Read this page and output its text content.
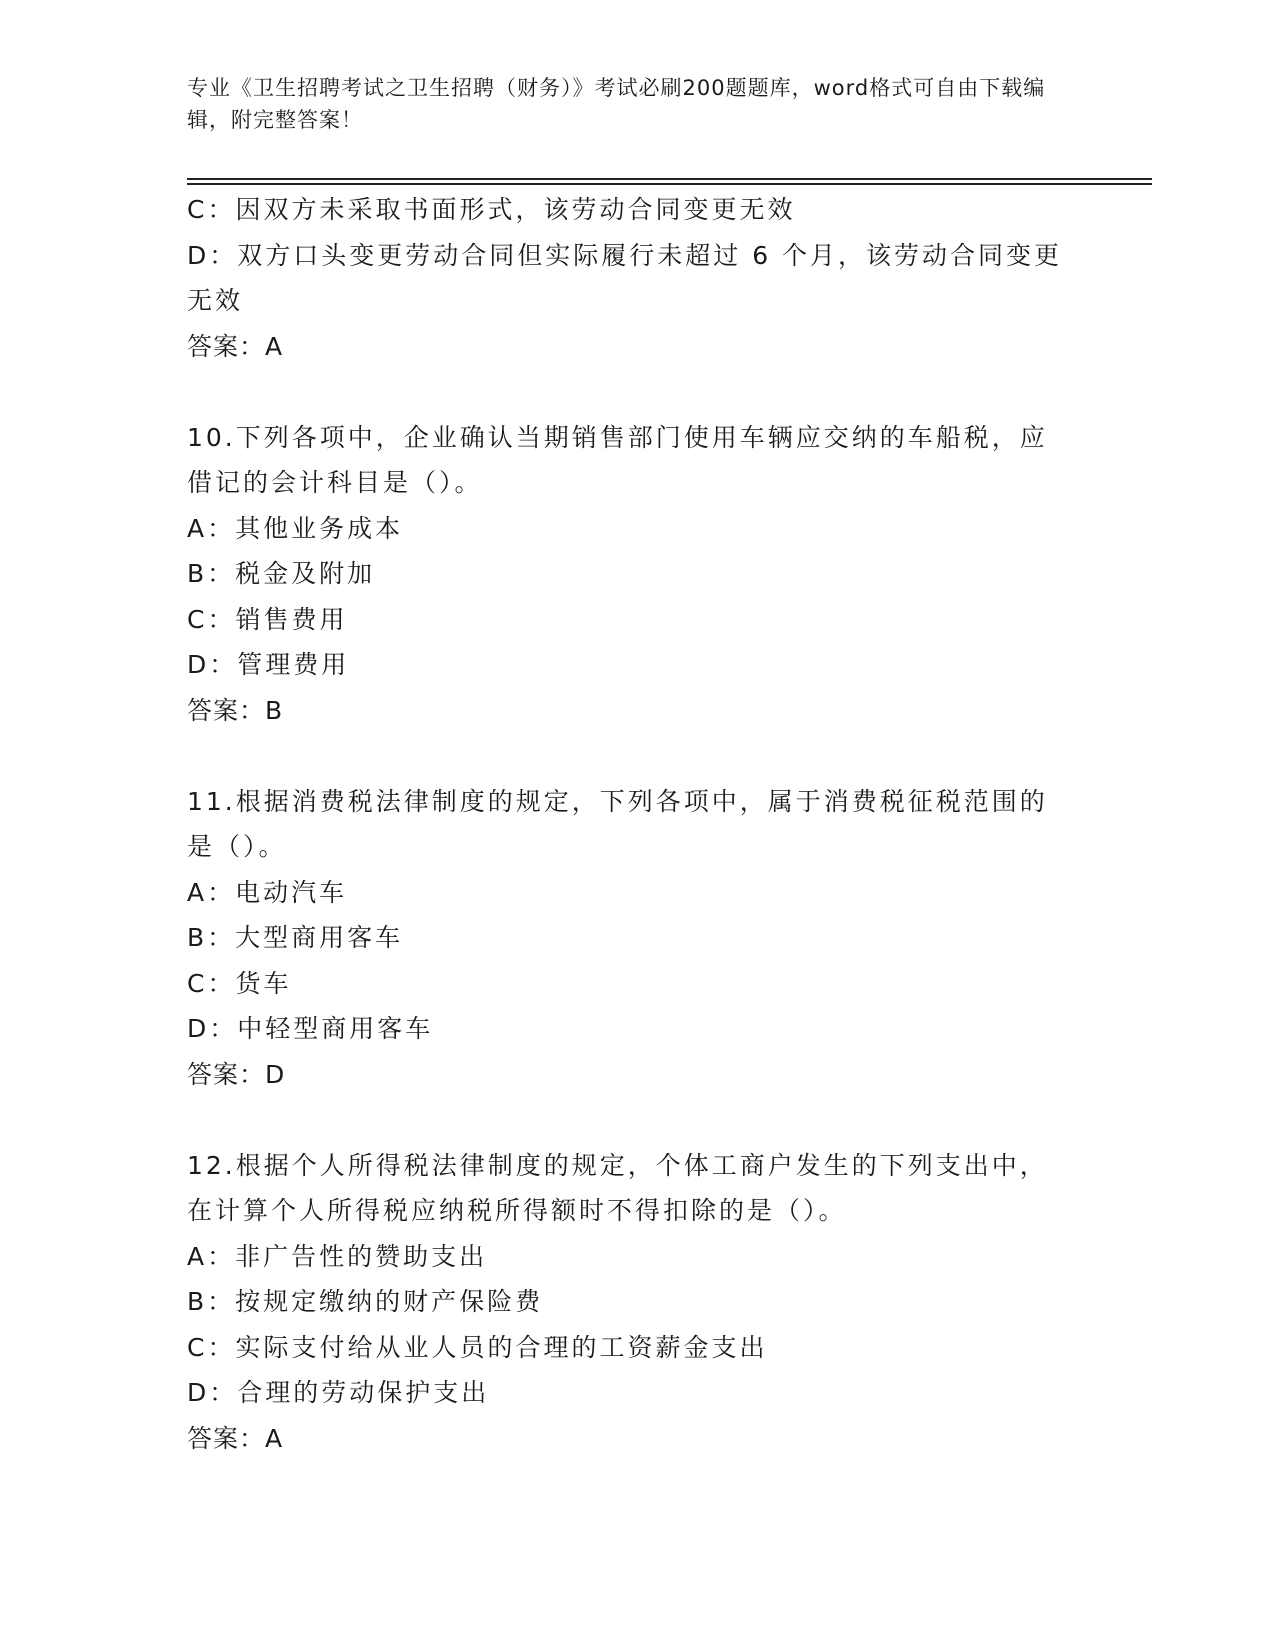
专业《卫生招聘考试之卫生招聘（财务）》考试必刷200题题库，word格式可自由下载编辑，附完整答案！
C：因双方未采取书面形式，该劳动合同变更无效
D：双方口头变更劳动合同但实际履行未超过 6 个月，该劳动合同变更
无效
答案：A
10.下列各项中，企业确认当期销售部门使用车辆应交纳的车船税，应
借记的会计科目是（）。
A：其他业务成本
B：税金及附加
C：销售费用
D：管理费用
答案：B
11.根据消费税法律制度的规定，下列各项中，属于消费税征税范围的
是（）。
A：电动汽车
B：大型商用客车
C：货车
D：中轻型商用客车
答案：D
12.根据个人所得税法律制度的规定，个体工商户发生的下列支出中，
在计算个人所得税应纳税所得额时不得扣除的是（）。
A：非广告性的赞助支出
B：按规定缴纳的财产保险费
C：实际支付给从业人员的合理的工资薪金支出
D：合理的劳动保护支出
答案：A
